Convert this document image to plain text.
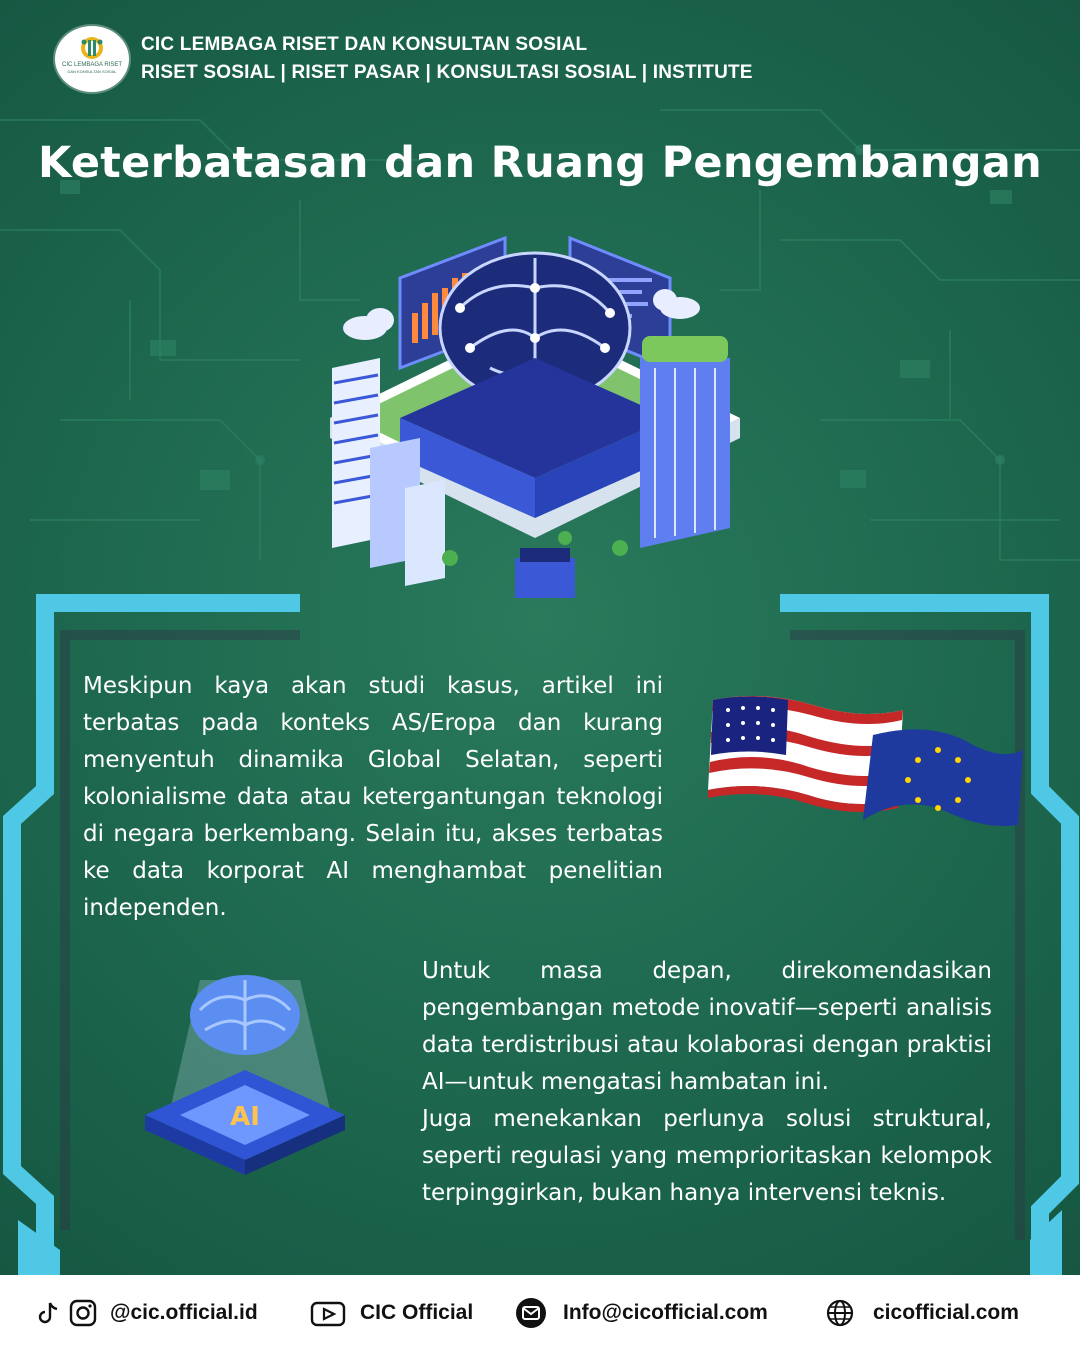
CIC LEMBAGA RISET
DAN KONSULTAN SOSIAL
CIC LEMBAGA RISET DAN KONSULTAN SOSIAL
RISET SOSIAL | RISET PASAR | KONSULTASI SOSIAL | INSTITUTE
Keterbatasan dan Ruang Pengembangan

Meskipun kaya akan studi kasus, artikel ini terbatas pada konteks AS/Eropa dan kurang menyentuh dinamika Global Selatan, seperti kolonialisme data atau ketergantungan teknologi di negara berkembang. Selain itu, akses terbatas ke data korporat AI menghambat penelitian independen.

AI

Untuk masa depan, direkomendasikan pengembangan metode inovatif—seperti analisis data terdistribusi atau kolaborasi dengan praktisi AI—untuk mengatasi hambatan ini.

Juga menekankan perlunya solusi struktural, seperti regulasi yang memprioritaskan kelompok terpinggirkan, bukan hanya intervensi teknis.

@cic.official.id	CIC Official	Info@cicofficial.com	cicofficial.com
